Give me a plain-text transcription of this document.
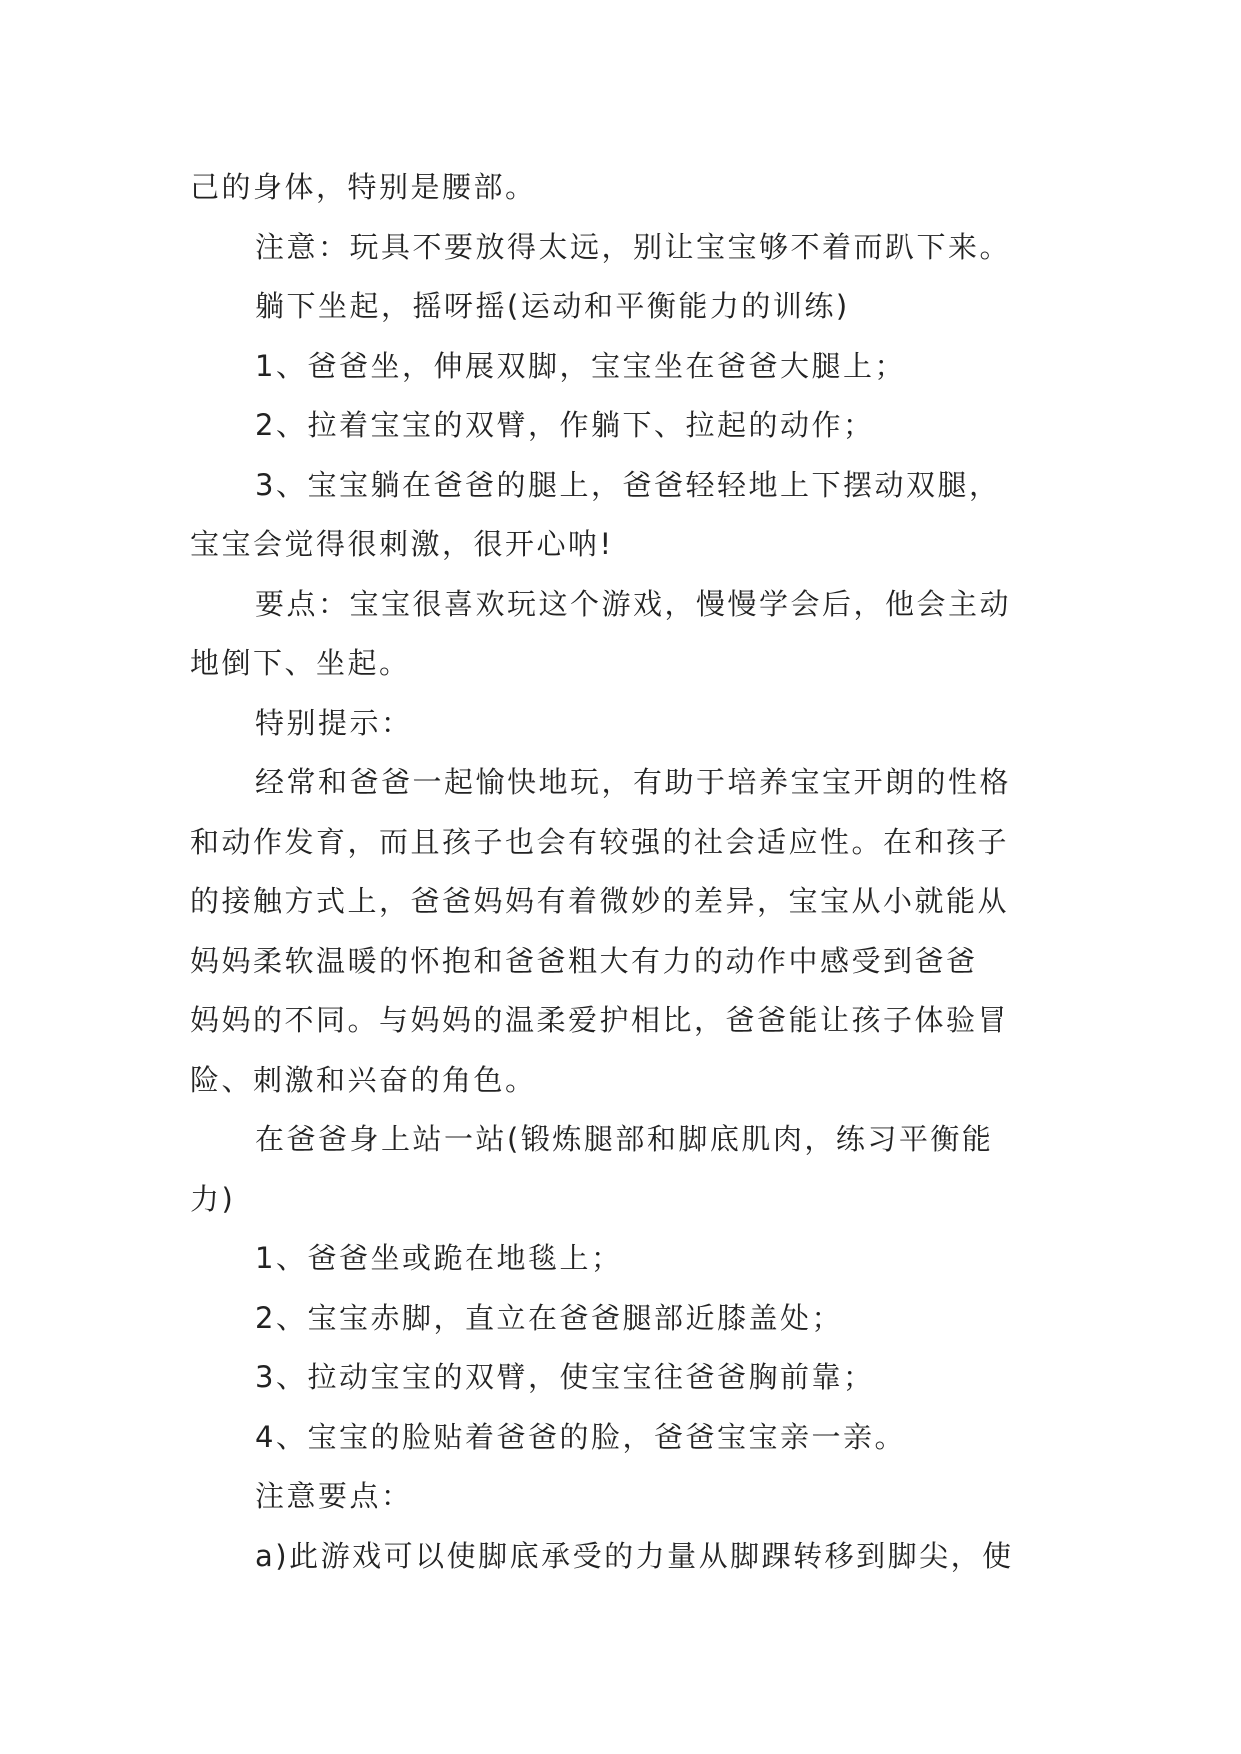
己的身体，特别是腰部。

注意：玩具不要放得太远，别让宝宝够不着而趴下来。

躺下坐起，摇呀摇(运动和平衡能力的训练)

1、爸爸坐，伸展双脚，宝宝坐在爸爸大腿上；

2、拉着宝宝的双臂，作躺下、拉起的动作；

3、宝宝躺在爸爸的腿上，爸爸轻轻地上下摆动双腿，

宝宝会觉得很刺激，很开心呐!

要点：宝宝很喜欢玩这个游戏，慢慢学会后，他会主动

地倒下、坐起。

特别提示：

经常和爸爸一起愉快地玩，有助于培养宝宝开朗的性格

和动作发育，而且孩子也会有较强的社会适应性。在和孩子

的接触方式上，爸爸妈妈有着微妙的差异，宝宝从小就能从

妈妈柔软温暖的怀抱和爸爸粗大有力的动作中感受到爸爸

妈妈的不同。与妈妈的温柔爱护相比，爸爸能让孩子体验冒

险、刺激和兴奋的角色。

在爸爸身上站一站(锻炼腿部和脚底肌肉，练习平衡能

力)

1、爸爸坐或跪在地毯上；

2、宝宝赤脚，直立在爸爸腿部近膝盖处；

3、拉动宝宝的双臂，使宝宝往爸爸胸前靠；

4、宝宝的脸贴着爸爸的脸，爸爸宝宝亲一亲。

注意要点：

a)此游戏可以使脚底承受的力量从脚踝转移到脚尖，使
